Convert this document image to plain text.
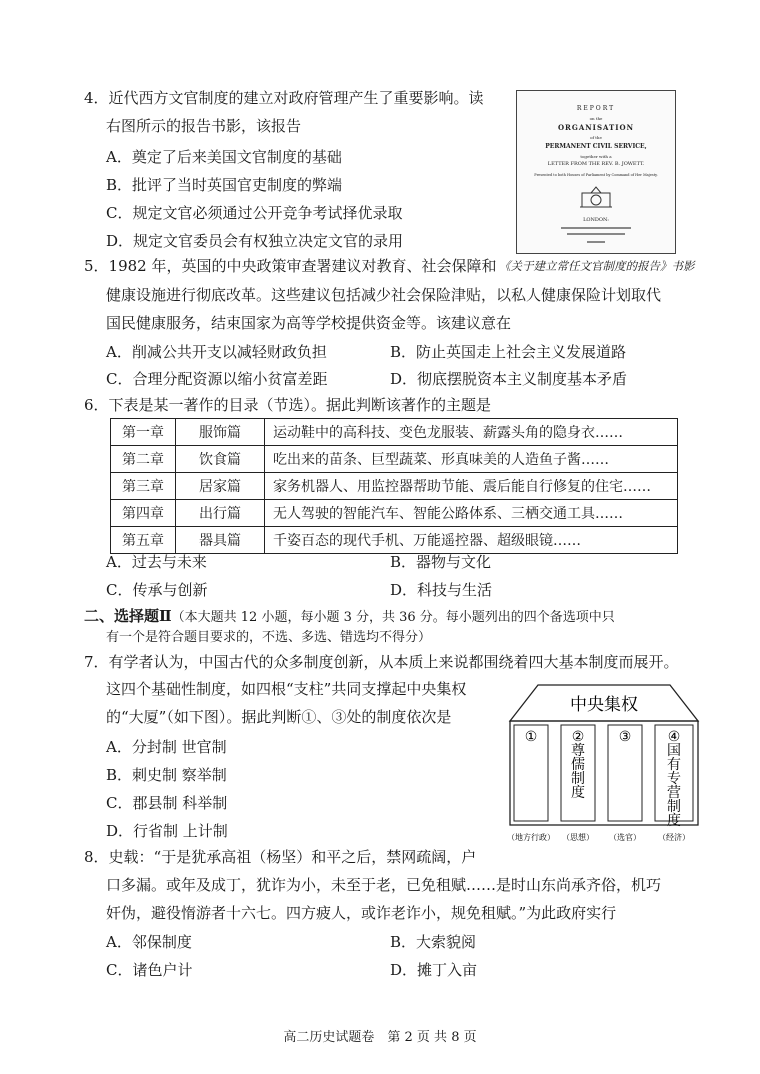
4．近代西方文官制度的建立对政府管理产生了重要影响。读
右图所示的报告书影，该报告
A．奠定了后来美国文官制度的基础
B．批评了当时英国官吏制度的弊端
C．规定文官必须通过公开竞争考试择优录取
D．规定文官委员会有权独立决定文官的录用
REPORT
on the
ORGANISATION
of the
PERMANENT CIVIL SERVICE,
together with a
LETTER FROM THE REV. B. JOWETT.
Presented to both Houses of Parliament by Command of Her Majesty.
LONDON:
《关于建立常任文官制度的报告》书影
5．1982 年，英国的中央政策审查署建议对教育、社会保障和
健康设施进行彻底改革。这些建议包括减少社会保险津贴，以私人健康保险计划取代
国民健康服务，结束国家为高等学校提供资金等。该建议意在
A．削减公共开支以减轻财政负担	B．防止英国走上社会主义发展道路
C．合理分配资源以缩小贫富差距	D．彻底摆脱资本主义制度基本矛盾
6．下表是某一著作的目录（节选）。据此判断该著作的主题是
第一章	服饰篇	运动鞋中的高科技、变色龙服装、薪露头角的隐身衣……
第二章	饮食篇	吃出来的苗条、巨型蔬菜、形真味美的人造鱼子酱……
第三章	居家篇	家务机器人、用监控器帮助节能、震后能自行修复的住宅……
第四章	出行篇	无人驾驶的智能汽车、智能公路体系、三栖交通工具……
第五章	器具篇	千姿百态的现代手机、万能遥控器、超级眼镜……
A．过去与未来	B．器物与文化
C．传承与创新	D．科技与生活
二、选择题Ⅱ（本大题共 12 小题，每小题 3 分，共 36 分。每小题列出的四个备选项中只
有一个是符合题目要求的，不选、多选、错选均不得分）
7．有学者认为，中国古代的众多制度创新，从本质上来说都围绕着四大基本制度而展开。
这四个基础性制度，如四根“支柱”共同支撑起中央集权
的“大厦”（如下图）。据此判断①、③处的制度依次是
A．分封制 世官制
B．刺史制 察举制
C．郡县制 科举制
D．行省制 上计制
中央集权
① ②
尊
儒
制
度
③	④
国
有
专
营
制
度
（地方行政） （思想） （选官） （经济）
8．史载：“于是犹承高祖（杨坚）和平之后，禁网疏阔，户
口多漏。或年及成丁，犹诈为小，未至于老，已免租赋……是时山东尚承齐俗，机巧
奸伪，避役惰游者十六七。四方疲人，或诈老诈小，规免租赋。”为此政府实行
A．邻保制度	B．大索貌阅
C．诸色户计	D．摊丁入亩
高二历史试题卷　第 2 页 共 8 页
